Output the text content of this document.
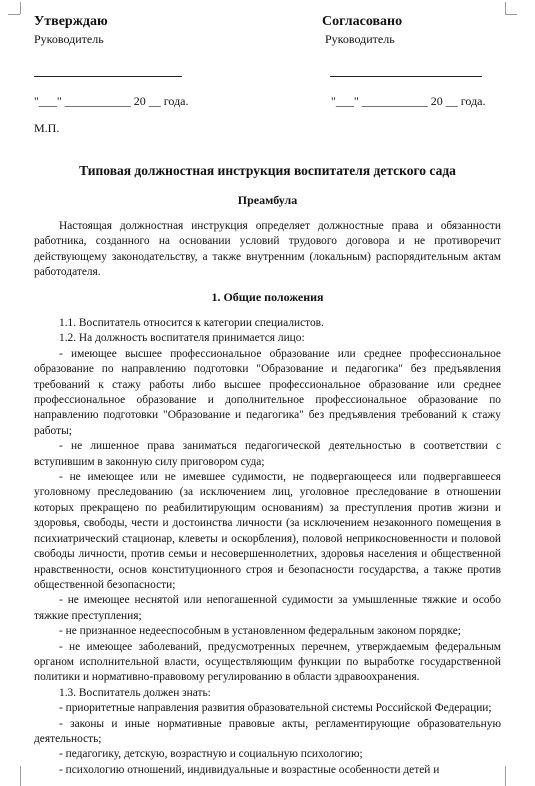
Утверждаю
Руководитель
Согласовано
Руководитель
"___" ___________ 20 __ года.	"___" ___________ 20 __ года.
М.П.
Типовая должностная инструкция воспитателя детского сада
Преамбула

Настоящая должностная инструкция определяет должностные права и обязанности работника, созданного на основании условий трудового договора и не противоречит действующему законодательству, а также внутренним (локальным) распорядительным актам работодателя.

1. Общие положения

1.1. Воспитатель относится к категории специалистов.

1.2. На должность воспитателя принимается лицо:

- имеющее высшее профессиональное образование или среднее профессиональное образование по направлению подготовки "Образование и педагогика" без предъявления требований к стажу работы либо высшее профессиональное образование или среднее профессиональное образование и дополнительное профессиональное образование по направлению подготовки "Образование и педагогика" без предъявления требований к стажу работы;

- не лишенное права заниматься педагогической деятельностью в соответствии с вступившим в законную силу приговором суда;

- не имеющее или не имевшее судимости, не подвергающееся или подвергавшееся уголовному преследованию (за исключением лиц, уголовное преследование в отношении которых прекращено по реабилитирующим основаниям) за преступления против жизни и здоровья, свободы, чести и достоинства личности (за исключением незаконного помещения в психиатрический стационар, клеветы и оскорбления), половой неприкосновенности и половой свободы личности, против семьи и несовершеннолетних, здоровья населения и общественной нравственности, основ конституционного строя и безопасности государства, а также против общественной безопасности;

- не имеющее неснятой или непогашенной судимости за умышленные тяжкие и особо тяжкие преступления;

- не признанное недееспособным в установленном федеральным законом порядке;

- не имеющее заболеваний, предусмотренных перечнем, утверждаемым федеральным органом исполнительной власти, осуществляющим функции по выработке государственной политики и нормативно-правовому регулированию в области здравоохранения.

1.3. Воспитатель должен знать:

- приоритетные направления развития образовательной системы Российской Федерации;

- законы и иные нормативные правовые акты, регламентирующие образовательную деятельность;

- педагогику, детскую, возрастную и социальную психологию;

- психологию отношений, индивидуальные и возрастные особенности детей и
